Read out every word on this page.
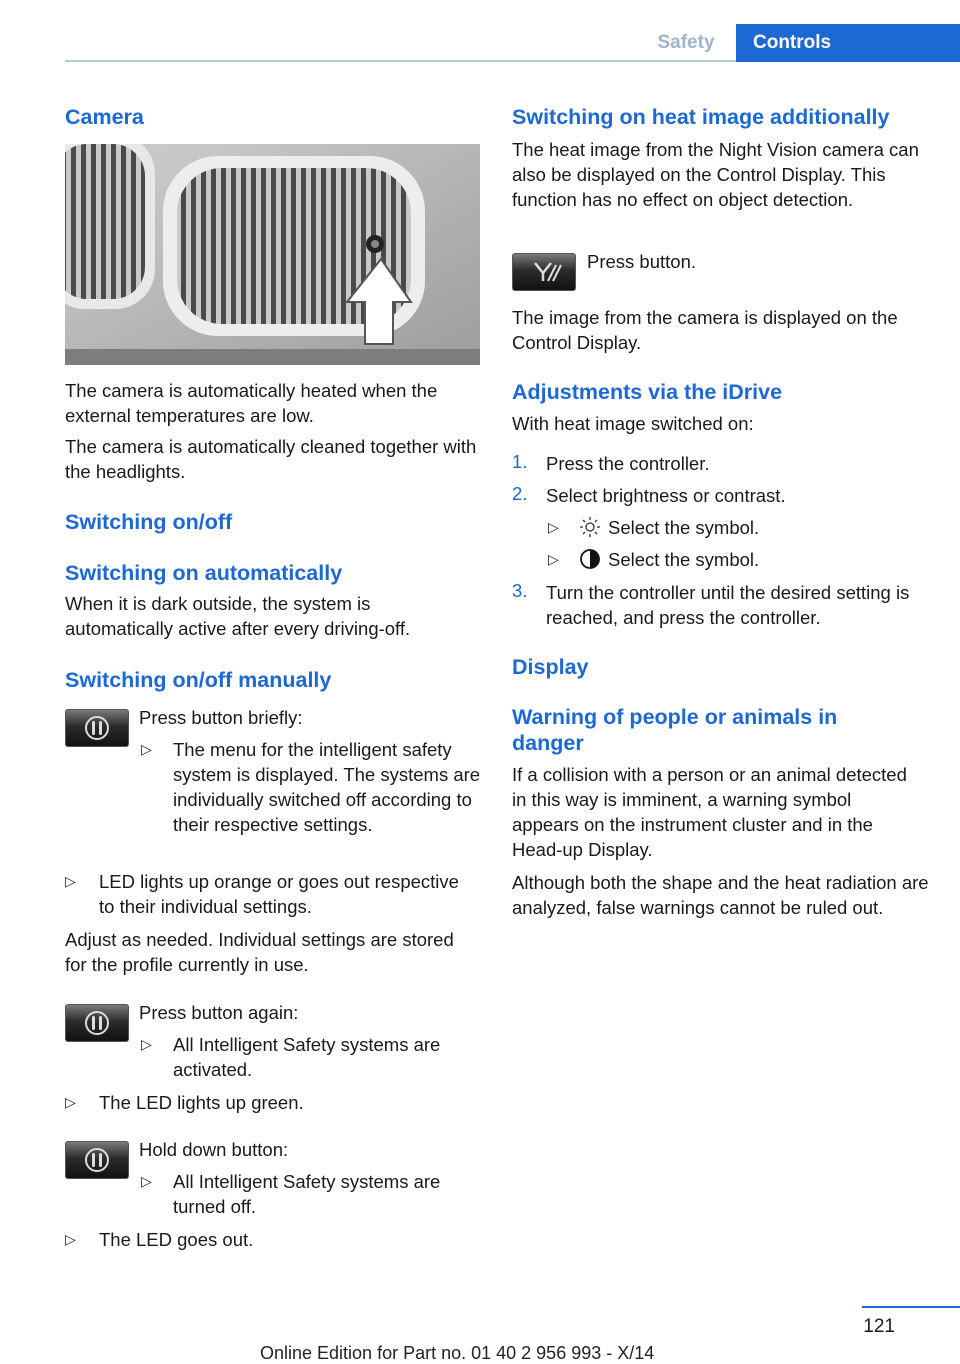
Safety	Controls
Camera

The camera is automatically heated when the external temperatures are low.

The camera is automatically cleaned together with the headlights.

Switching on/off
Switching on automatically

When it is dark outside, the system is automatically active after every driving-off.

Switching on/off manually

Press button briefly:

▷ The menu for the intelligent safety system is displayed. The systems are individually switched off according to their respective settings.

▷ LED lights up orange or goes out respective to their individual settings.

Adjust as needed. Individual settings are stored for the profile currently in use.

Press button again:

▷ All Intelligent Safety systems are activated.

▷ The LED lights up green.

Hold down button:

▷ All Intelligent Safety systems are turned off.

▷ The LED goes out.

Switching on heat image additionally

The heat image from the Night Vision camera can also be displayed on the Control Display. This function has no effect on object detection.

Press button.

The image from the camera is displayed on the Control Display.

Adjustments via the iDrive

With heat image switched on:

1. Press the controller.

2. Select brightness or contrast.

▷	Select the symbol.

▷	Select the symbol.

3. Turn the controller until the desired setting is reached, and press the controller.

Display
Warning of people or animals in danger

If a collision with a person or an animal detected in this way is imminent, a warning symbol appears on the instrument cluster and in the Head-up Display.

Although both the shape and the heat radiation are analyzed, false warnings cannot be ruled out.

121
Online Edition for Part no. 01 40 2 956 993 - X/14
